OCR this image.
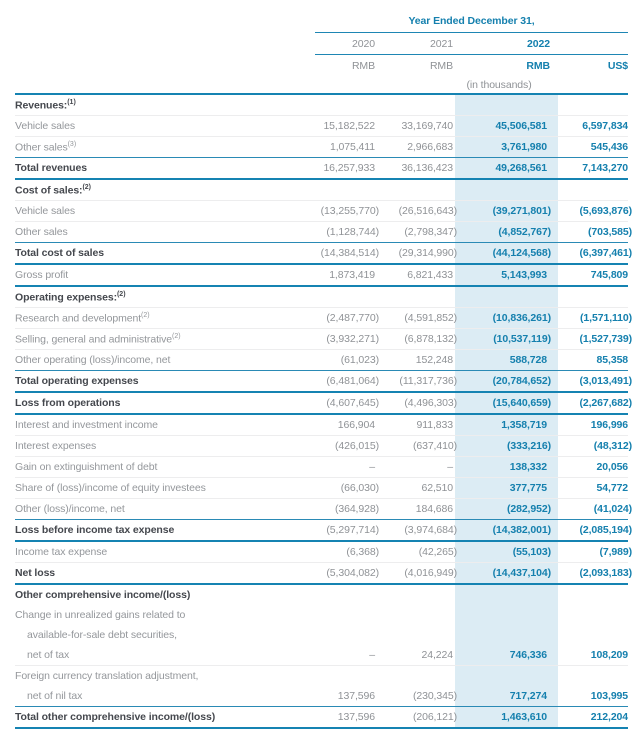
	Year Ended December 31,			
	2020	2021	2022	
	RMB	RMB	RMB	US$
	(in thousands)			
Revenues:$^{(1)}$				
Vehicle sales	15,182,522	33,169,740	45,506,581	6,597,834
Other sales$^{(3)}$	1,075,411	2,966,683	3,761,980	545,436
Total revenues	16,257,933	36,136,423	49,268,561	7,143,270
Cost of sales:$^{(2)}$				
Vehicle sales	(13,255,770)	(26,516,643)	(39,271,801)	(5,693,876)
Other sales	(1,128,744)	(2,798,347)	(4,852,767)	(703,585)
Total cost of sales	(14,384,514)	(29,314,990)	(44,124,568)	(6,397,461)
Gross profit	1,873,419	6,821,433	5,143,993	745,809
Operating expenses:$^{(2)}$				
Research and development$^{(2)}$	(2,487,770)	(4,591,852)	(10,836,261)	(1,571,110)
Selling, general and administrative$^{(2)}$	(3,932,271)	(6,878,132)	(10,537,119)	(1,527,739)
Other operating (loss)/income, net	(61,023)	152,248	588,728	85,358
Total operating expenses	(6,481,064)	(11,317,736)	(20,784,652)	(3,013,491)
Loss from operations	(4,607,645)	(4,496,303)	(15,640,659)	(2,267,682)
Interest and investment income	166,904	911,833	1,358,719	196,996
Interest expenses	(426,015)	(637,410)	(333,216)	(48,312)
Gain on extinguishment of debt	–	–	138,332	20,056
Share of (loss)/income of equity investees	(66,030)	62,510	377,775	54,772
Other (loss)/income, net	(364,928)	184,686	(282,952)	(41,024)
Loss before income tax expense	(5,297,714)	(3,974,684)	(14,382,001)	(2,085,194)
Income tax expense	(6,368)	(42,265)	(55,103)	(7,989)
Net loss	(5,304,082)	(4,016,949)	(14,437,104)	(2,093,183)
Other comprehensive income/(loss)				
Change in unrealized gains related to				
available-for-sale debt securities,				
net of tax	–	24,224	746,336	108,209
Foreign currency translation adjustment,				
net of nil tax	137,596	(230,345)	717,274	103,995
Total other comprehensive income/(loss)	137,596	(206,121)	1,463,610	212,204
